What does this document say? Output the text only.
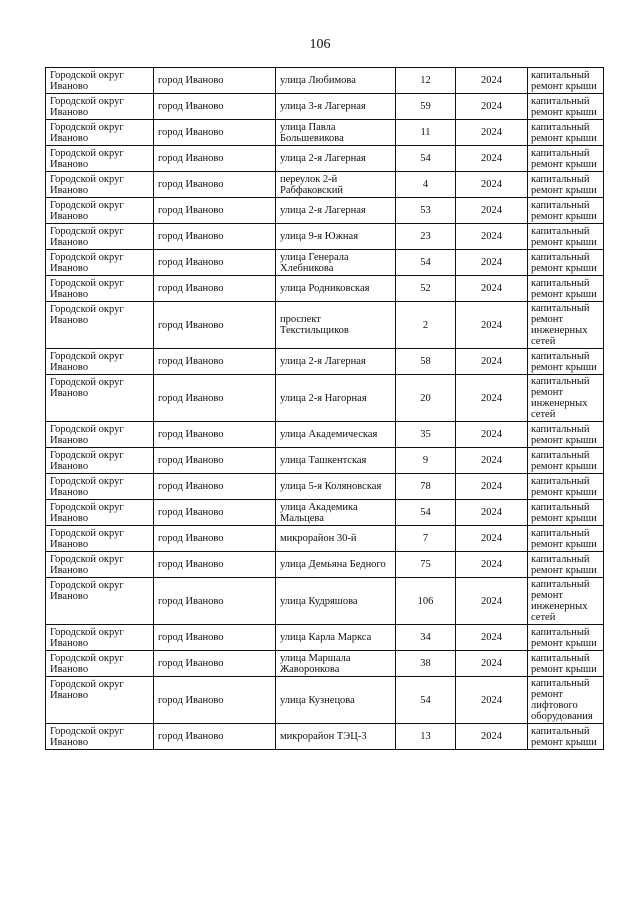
106
Городской округ Иваново	город Иваново	улица Любимова	12	2024	капитальный ремонт крыши
Городской округ Иваново	город Иваново	улица 3-я Лагерная	59	2024	капитальный ремонт крыши
Городской округ Иваново	город Иваново	улица Павла Большевикова	11	2024	капитальный ремонт крыши
Городской округ Иваново	город Иваново	улица 2-я Лагерная	54	2024	капитальный ремонт крыши
Городской округ Иваново	город Иваново	переулок 2-й Рабфаковский	4	2024	капитальный ремонт крыши
Городской округ Иваново	город Иваново	улица 2-я Лагерная	53	2024	капитальный ремонт крыши
Городской округ Иваново	город Иваново	улица 9-я Южная	23	2024	капитальный ремонт крыши
Городской округ Иваново	город Иваново	улица Генерала Хлебникова	54	2024	капитальный ремонт крыши
Городской округ Иваново	город Иваново	улица Родниковская	52	2024	капитальный ремонт крыши
Городской округ Иваново	город Иваново	проспект Текстильщиков	2	2024	капитальный ремонт инженерных сетей
Городской округ Иваново	город Иваново	улица 2-я Лагерная	58	2024	капитальный ремонт крыши
Городской округ Иваново	город Иваново	улица 2-я Нагорная	20	2024	капитальный ремонт инженерных сетей
Городской округ Иваново	город Иваново	улица Академическая	35	2024	капитальный ремонт крыши
Городской округ Иваново	город Иваново	улица Ташкентская	9	2024	капитальный ремонт крыши
Городской округ Иваново	город Иваново	улица 5-я Коляновская	78	2024	капитальный ремонт крыши
Городской округ Иваново	город Иваново	улица Академика Мальцева	54	2024	капитальный ремонт крыши
Городской округ Иваново	город Иваново	микрорайон 30-й	7	2024	капитальный ремонт крыши
Городской округ Иваново	город Иваново	улица Демьяна Бедного	75	2024	капитальный ремонт крыши
Городской округ Иваново	город Иваново	улица Кудряшова	106	2024	капитальный ремонт инженерных сетей
Городской округ Иваново	город Иваново	улица Карла Маркса	34	2024	капитальный ремонт крыши
Городской округ Иваново	город Иваново	улица Маршала Жаворонкова	38	2024	капитальный ремонт крыши
Городской округ Иваново	город Иваново	улица Кузнецова	54	2024	капитальный ремонт лифтового оборудования
Городской округ Иваново	город Иваново	микрорайон ТЭЦ-3	13	2024	капитальный ремонт крыши
